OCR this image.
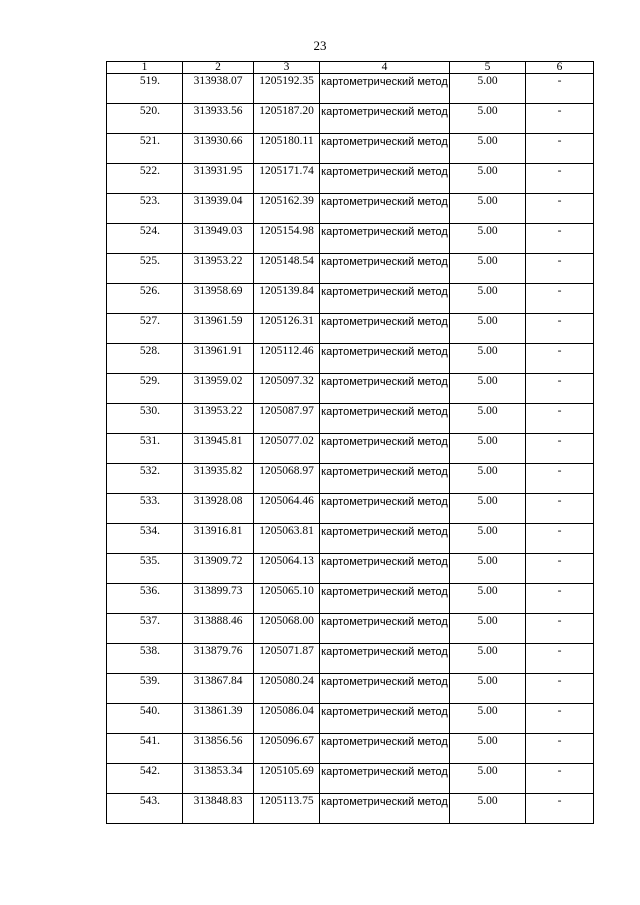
23
1	2	3	4	5	6
519.	313938.07	1205192.35	картометрический метод	5.00	-
520.	313933.56	1205187.20	картометрический метод	5.00	-
521.	313930.66	1205180.11	картометрический метод	5.00	-
522.	313931.95	1205171.74	картометрический метод	5.00	-
523.	313939.04	1205162.39	картометрический метод	5.00	-
524.	313949.03	1205154.98	картометрический метод	5.00	-
525.	313953.22	1205148.54	картометрический метод	5.00	-
526.	313958.69	1205139.84	картометрический метод	5.00	-
527.	313961.59	1205126.31	картометрический метод	5.00	-
528.	313961.91	1205112.46	картометрический метод	5.00	-
529.	313959.02	1205097.32	картометрический метод	5.00	-
530.	313953.22	1205087.97	картометрический метод	5.00	-
531.	313945.81	1205077.02	картометрический метод	5.00	-
532.	313935.82	1205068.97	картометрический метод	5.00	-
533.	313928.08	1205064.46	картометрический метод	5.00	-
534.	313916.81	1205063.81	картометрический метод	5.00	-
535.	313909.72	1205064.13	картометрический метод	5.00	-
536.	313899.73	1205065.10	картометрический метод	5.00	-
537.	313888.46	1205068.00	картометрический метод	5.00	-
538.	313879.76	1205071.87	картометрический метод	5.00	-
539.	313867.84	1205080.24	картометрический метод	5.00	-
540.	313861.39	1205086.04	картометрический метод	5.00	-
541.	313856.56	1205096.67	картометрический метод	5.00	-
542.	313853.34	1205105.69	картометрический метод	5.00	-
543.	313848.83	1205113.75	картометрический метод	5.00	-
